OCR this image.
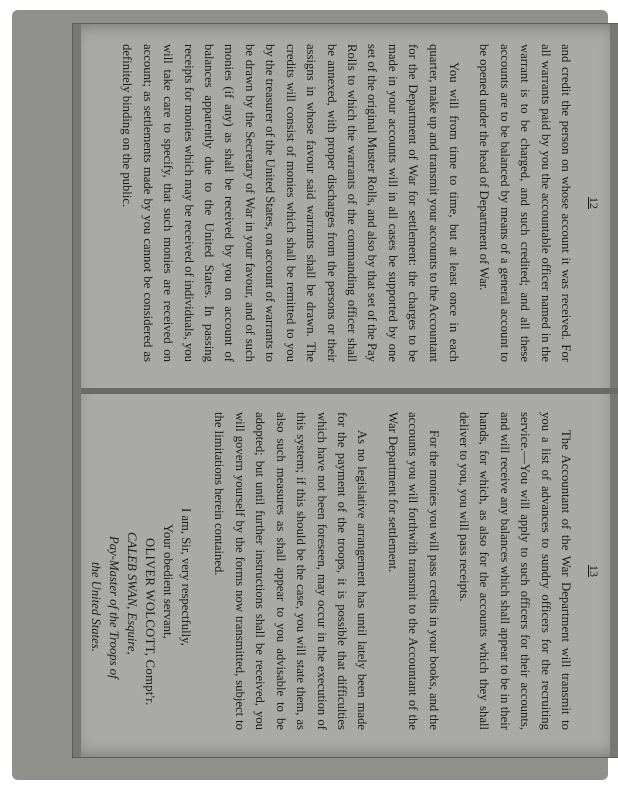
12

and credit the person on whose account it was received. For all warrants paid by you the accountable officer named in the warrant is to be charged, and such credited; and all these accounts are to be balanced by means of a general account to be opened under the head of Department of War.

You will from time to time, but at least once in each quarter, make up and transmit your accounts to the Accountant for the Department of War for settlement: the charges to be made in your accounts will in all cases be supported by one set of the original Muster Rolls, and also by that set of the Pay Rolls to which the warrants of the commanding officer shall be annexed, with proper discharges from the persons or their assigns in whose favour said warrants shall be drawn. The credits will consist of monies which shall be remitted to you by the treasurer of the United States, on account of warrants to be drawn by the Secretary of War in your favour, and of such monies (if any) as shall be received by you on account of balances apparently due to the United States. In passing receipts for monies which may be received of individuals, you will take care to specify, that such monies are received on account; as settlements made by you cannot be considered as definitely binding on the public.

13

The Accountant of the War Department will transmit to you a list of advances to sundry officers for the recruiting service.—You will apply to such officers for their accounts, and will receive any balances which shall appear to be in their hands, for which, as also for the accounts which they shall deliver to you, you will pass receipts.

For the monies you will pass credits in your books, and the accounts you will forthwith transmit to the Accountant of the War Department for settlement.

As no legislative arrangement has until lately been made for the payment of the troops, it is possible that difficulties which have not been foreseen, may occur in the execution of this system; if this should be the case, you will state them, as also such measures as shall appear to you advisable to be adopted; but until further instructions shall be received, you will govern yourself by the forms now transmitted, subject to the limitations herein contained.

I am, Sir, very respectfully,
Your obedient servant,
OLIVER WOLCOTT, Compt'r.
CALEB SWAN, Esquire,
Pay-Master of the Troops of
the United States.
